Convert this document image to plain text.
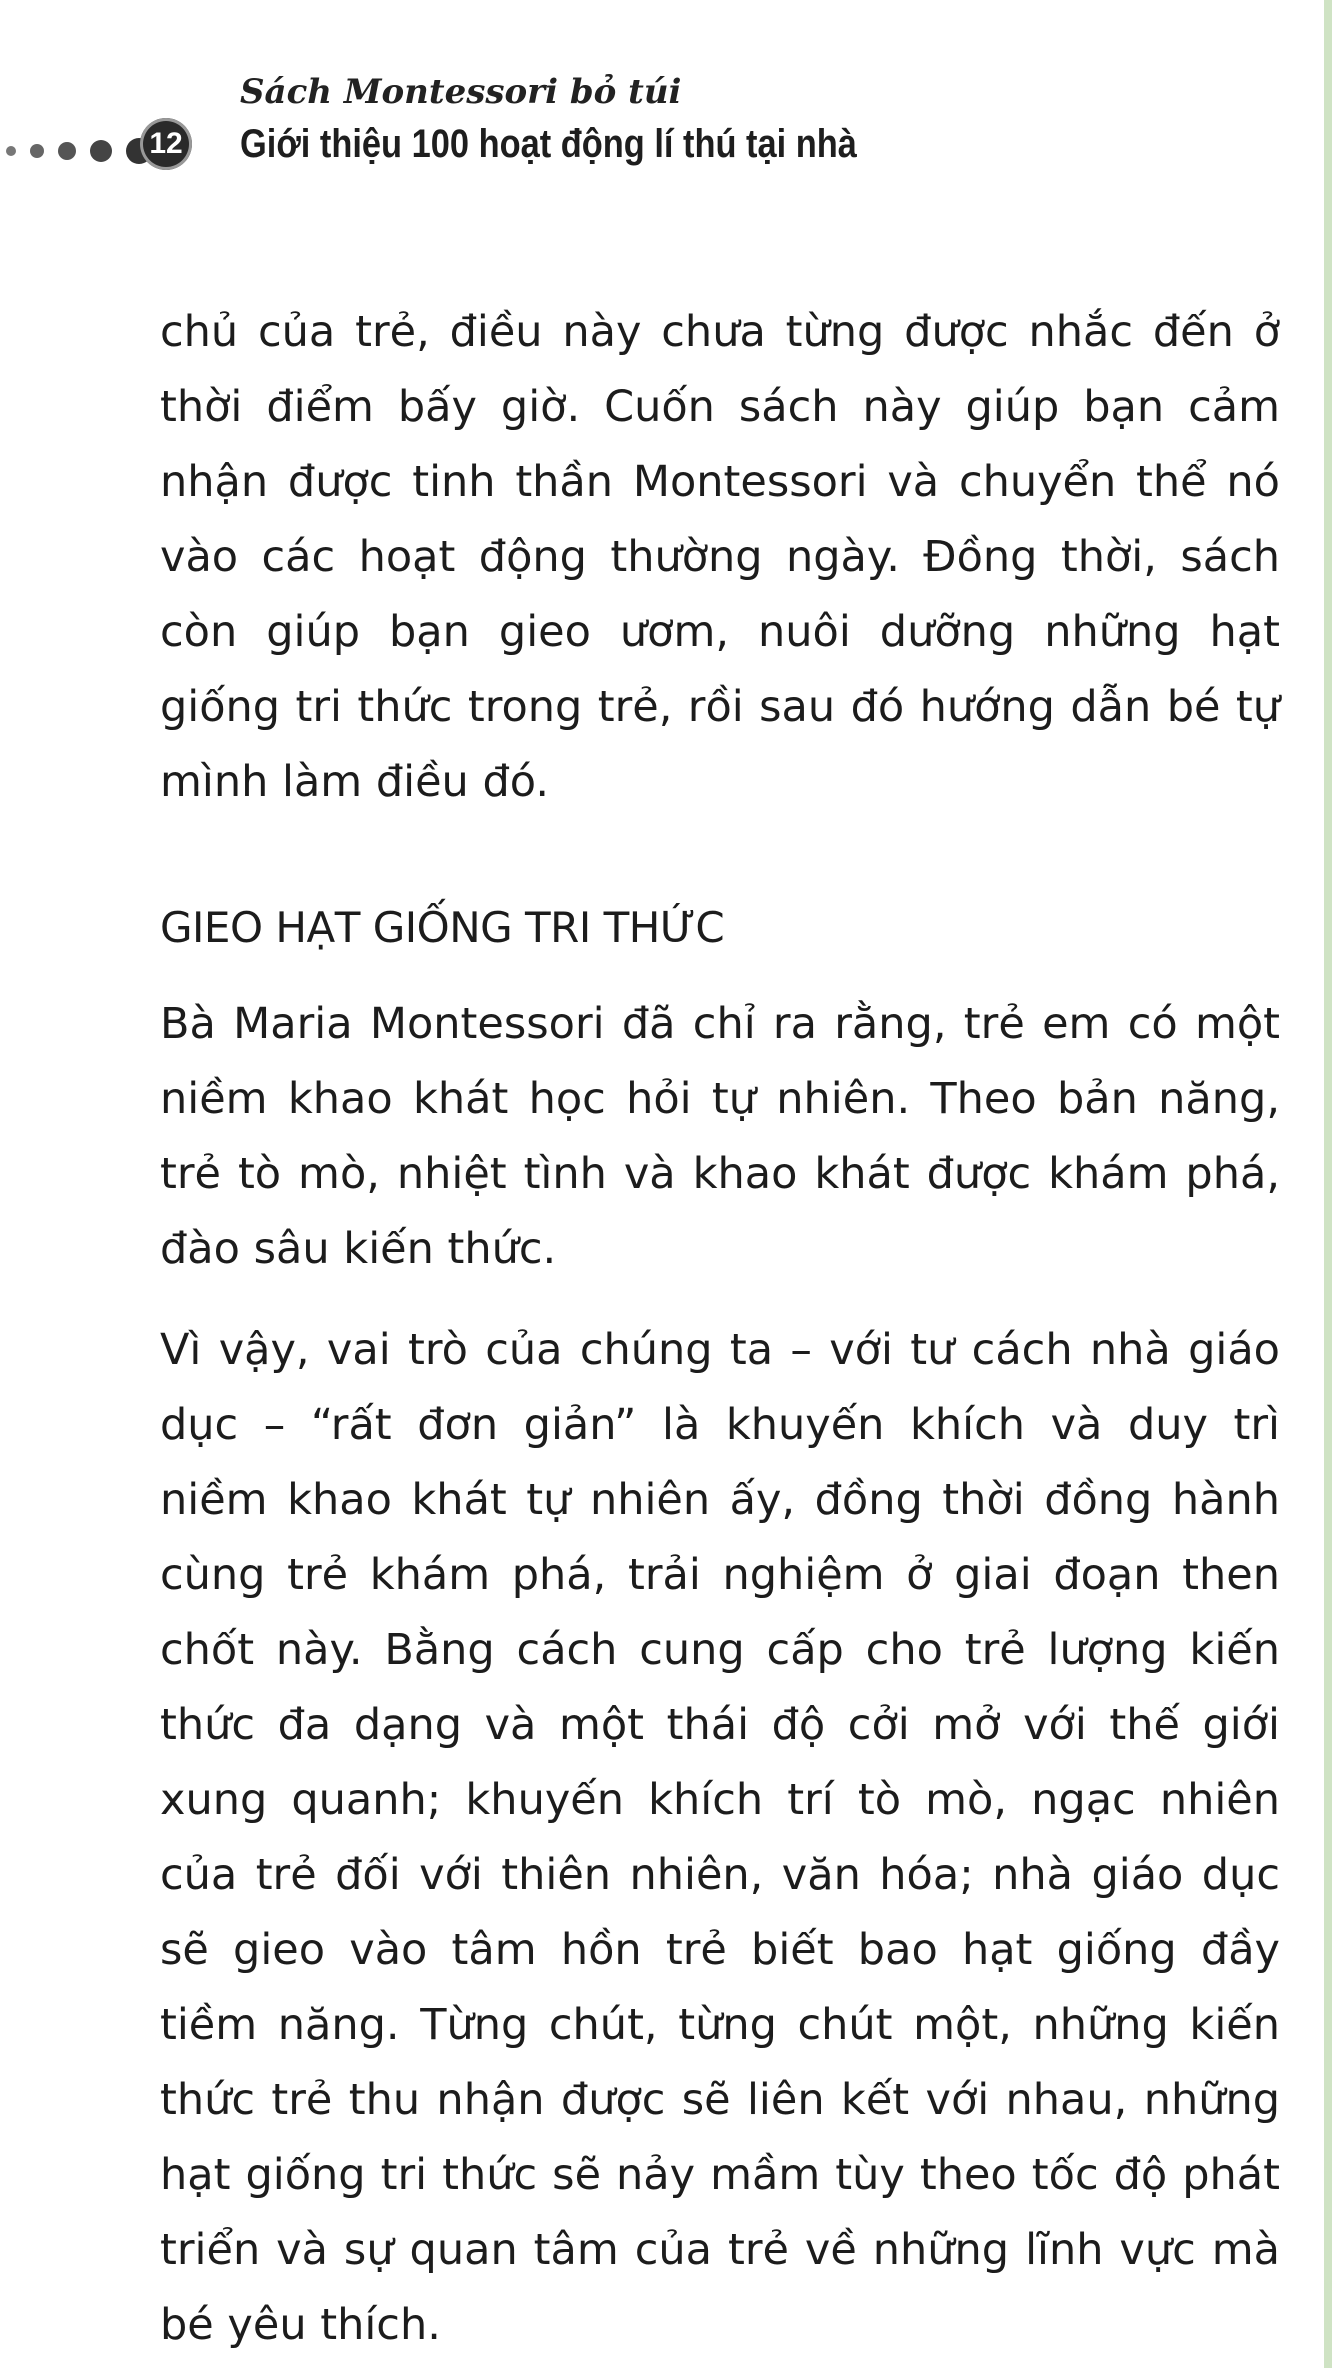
12
Sách Montessori bỏ túi
Giới thiệu 100 hoạt động lí thú tại nhà

chủ của trẻ, điều này chưa từng được nhắc đến ở thời điểm bấy giờ. Cuốn sách này giúp bạn cảm nhận được tinh thần Montessori và chuyển thể nó vào các hoạt động thường ngày. Đồng thời, sách còn giúp bạn gieo ươm, nuôi dưỡng những hạt giống tri thức trong trẻ, rồi sau đó hướng dẫn bé tự mình làm điều đó.

GIEO HẠT GIỐNG TRI THỨC

Bà Maria Montessori đã chỉ ra rằng, trẻ em có một niềm khao khát học hỏi tự nhiên. Theo bản năng, trẻ tò mò, nhiệt tình và khao khát được khám phá, đào sâu kiến thức.

Vì vậy, vai trò của chúng ta – với tư cách nhà giáo dục – “rất đơn giản” là khuyến khích và duy trì niềm khao khát tự nhiên ấy, đồng thời đồng hành cùng trẻ khám phá, trải nghiệm ở giai đoạn then chốt này. Bằng cách cung cấp cho trẻ lượng kiến thức đa dạng và một thái độ cởi mở với thế giới xung quanh; khuyến khích trí tò mò, ngạc nhiên của trẻ đối với thiên nhiên, văn hóa; nhà giáo dục sẽ gieo vào tâm hồn trẻ biết bao hạt giống đầy tiềm năng. Từng chút, từng chút một, những kiến thức trẻ thu nhận được sẽ liên kết với nhau, những hạt giống tri thức sẽ nảy mầm tùy theo tốc độ phát triển và sự quan tâm của trẻ về những lĩnh vực mà bé yêu thích.
